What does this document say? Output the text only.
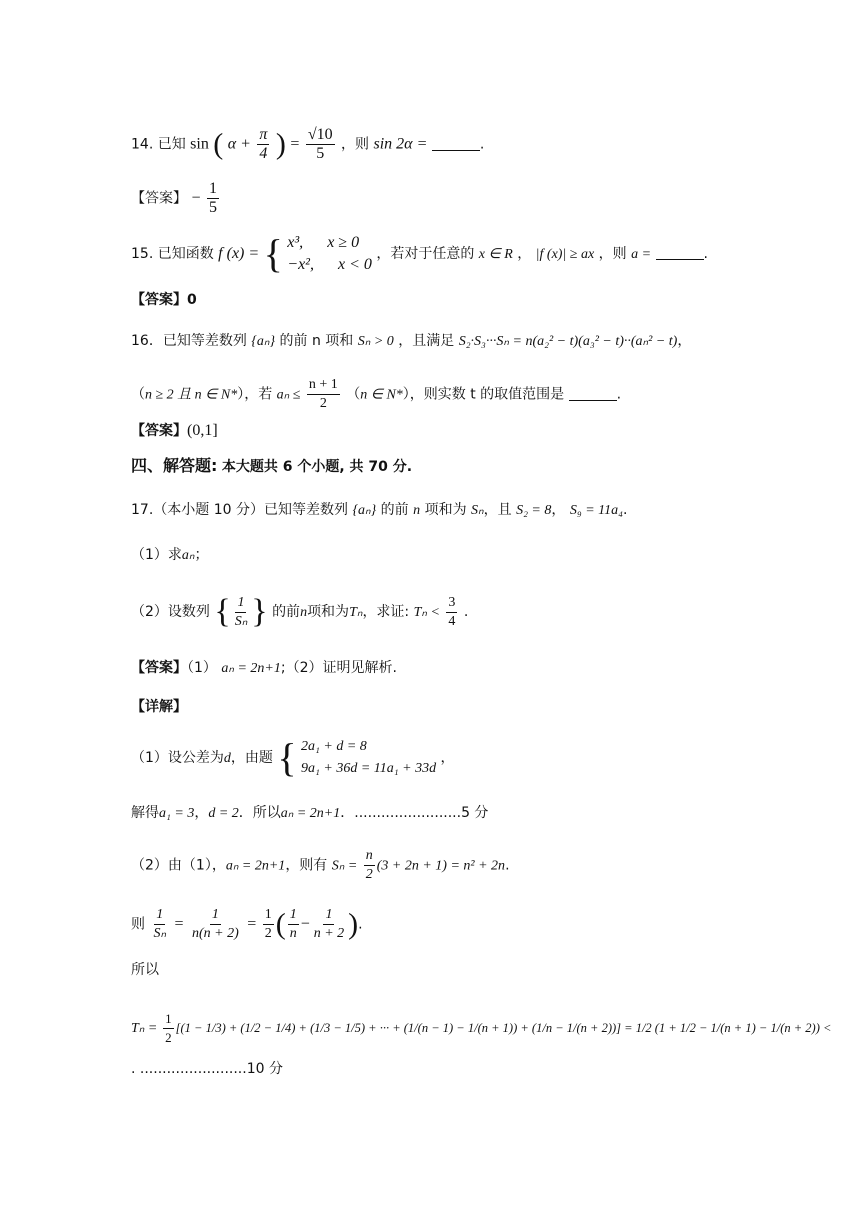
14. 已知 sin ( $\alpha + \frac{\pi}{4}$ ) = $\frac{√10}{5}$ ，则 sin 2α =	.
【答案】 − $\frac{1}{5}$
15. 已知函数 f (x) = { x³, x ≥ 0
−x², x < 0
，若对于任意的 x ∈ R ， |f (x)| ≥ ax ，则 a =	.
【答案】0
16．已知等差数列 {aₙ} 的前 n 项和 Sₙ > 0 ，且满足 S₂·S₃···Sₙ = n(a₂² − t)(a₃² − t)··(aₙ² − t)，
（n ≥ 2 且 n ∈ N*），若 $a_n \le \frac{n + 1}{2} (n$ ∈ N*），则实数 t 的取值范围是	.
【答案】(0,1]
四、解答题: 本大题共 6 个小题, 共 70 分.
17.（本小题 10 分）已知等差数列 {aₙ} 的前 n 项和为 Sₙ，且 S₂ = 8， S₉ = 11a₄.
（1）求aₙ；
（2）设数列 { $\frac{1}{\text{Sₙ}}$ } 的前n项和为Tₙ，求证: $T_n < \frac{3}{4}$ .
【答案】（1） aₙ = 2n+1;（2）证明见解析.
【详解】
（1）设公差为d，由题 { 2a₁ + d = 8
9a₁ + 36d = 11a₁ + 33d
，
解得a₁ = 3，d = 2．所以aₙ = 2n+1．........................5 分
（2）由（1），aₙ = 2n+1，则有 $S_n = \frac{n}{2} (3 + 2n + 1) = n^2 + 2n$.
则 $\frac{1}{\text{Sₙ}} = \frac{1}{n(n + 2)} = \frac{1}{2}$ ( $\frac{1}{n} - \frac{1}{n + 2}$ ).
所以
$T_n = \frac{1}{2} [(1 - 1/3) + (1/2 - 1/4) + (1/3 - 1/5)$ + ··· + (1/(n − 1) − 1/(n + 1)) + (1/n − 1/(n + 2))] = 1/2 (1 + 1/2 − 1/(n + 1) − 1/(n + 2)) <
. ........................10 分
